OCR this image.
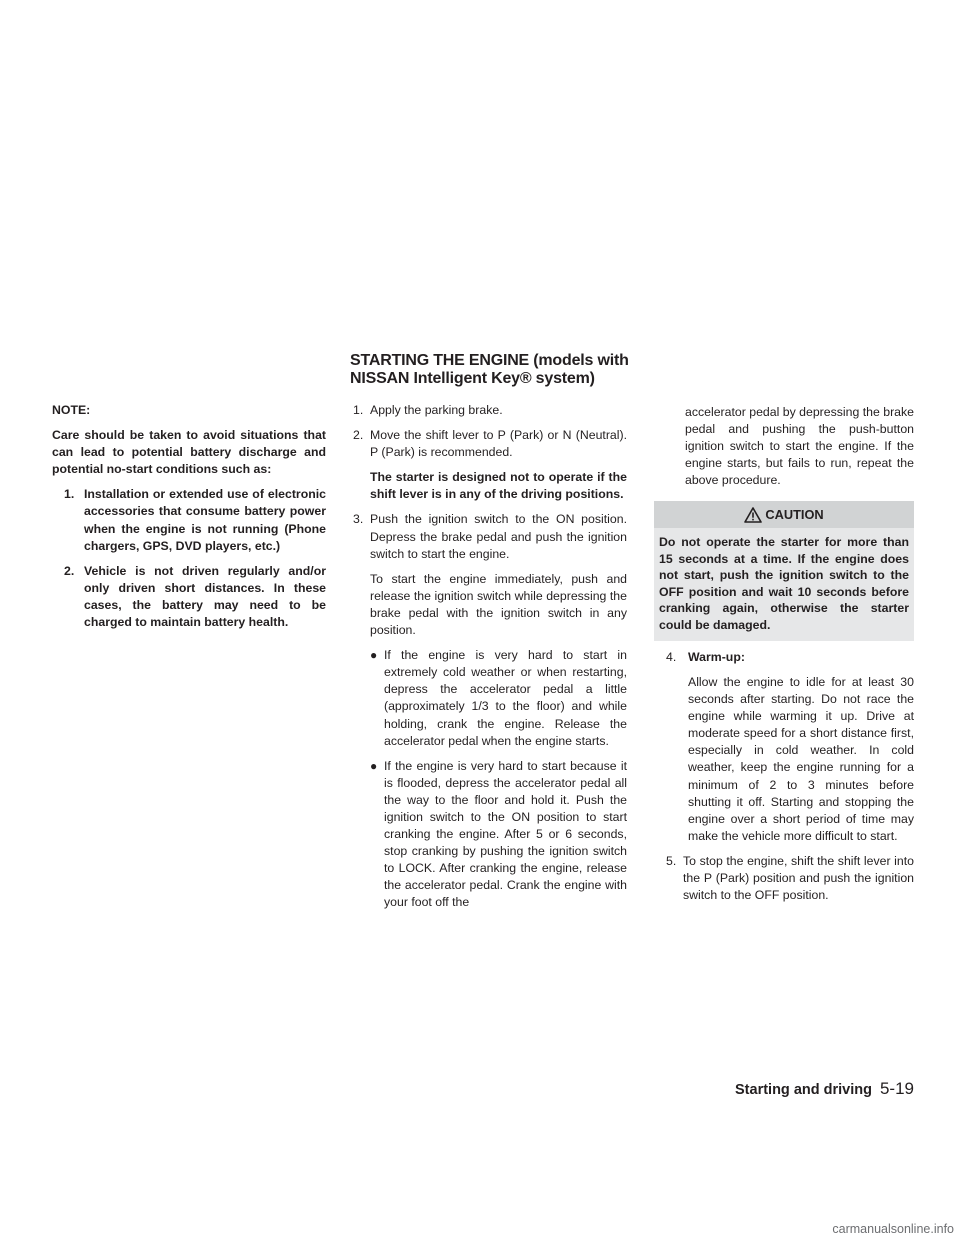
STARTING THE ENGINE (models with
NISSAN Intelligent Key® system)

NOTE:

Care should be taken to avoid situations that can lead to potential battery discharge and potential no-start conditions such as:

1. Installation or extended use of electronic accessories that consume battery power when the engine is not running (Phone chargers, GPS, DVD players, etc.)
2. Vehicle is not driven regularly and/or only driven short distances. In these cases, the battery may need to be charged to maintain battery health.
1. Apply the parking brake.
2. Move the shift lever to P (Park) or N (Neutral). P (Park) is recommended.

The starter is designed not to operate if the shift lever is in any of the driving positions.

3. Push the ignition switch to the ON position. Depress the brake pedal and push the ignition switch to start the engine.

To start the engine immediately, push and release the ignition switch while depressing the brake pedal with the ignition switch in any position.

● If the engine is very hard to start in extremely cold weather or when restarting, depress the accelerator pedal a little (approximately 1/3 to the floor) and while holding, crank the engine. Release the accelerator pedal when the engine starts.
● If the engine is very hard to start because it is flooded, depress the accelerator pedal all the way to the floor and hold it. Push the ignition switch to the ON position to start cranking the engine. After 5 or 6 seconds, stop cranking by pushing the ignition switch to LOCK. After cranking the engine, release the accelerator pedal. Crank the engine with your foot off the

accelerator pedal by depressing the brake pedal and pushing the push-button ignition switch to start the engine. If the engine starts, but fails to run, repeat the above procedure.

CAUTION
Do not operate the starter for more than 15 seconds at a time. If the engine does not start, push the ignition switch to the OFF position and wait 10 seconds before cranking again, otherwise the starter could be damaged.
4. Warm-up:

Allow the engine to idle for at least 30 seconds after starting. Do not race the engine while warming it up. Drive at moderate speed for a short distance first, especially in cold weather. In cold weather, keep the engine running for a minimum of 2 to 3 minutes before shutting it off. Starting and stopping the engine over a short period of time may make the vehicle more difficult to start.

5. To stop the engine, shift the shift lever into the P (Park) position and push the ignition switch to the OFF position.
Starting and driving 5-19
carmanualsonline.info
